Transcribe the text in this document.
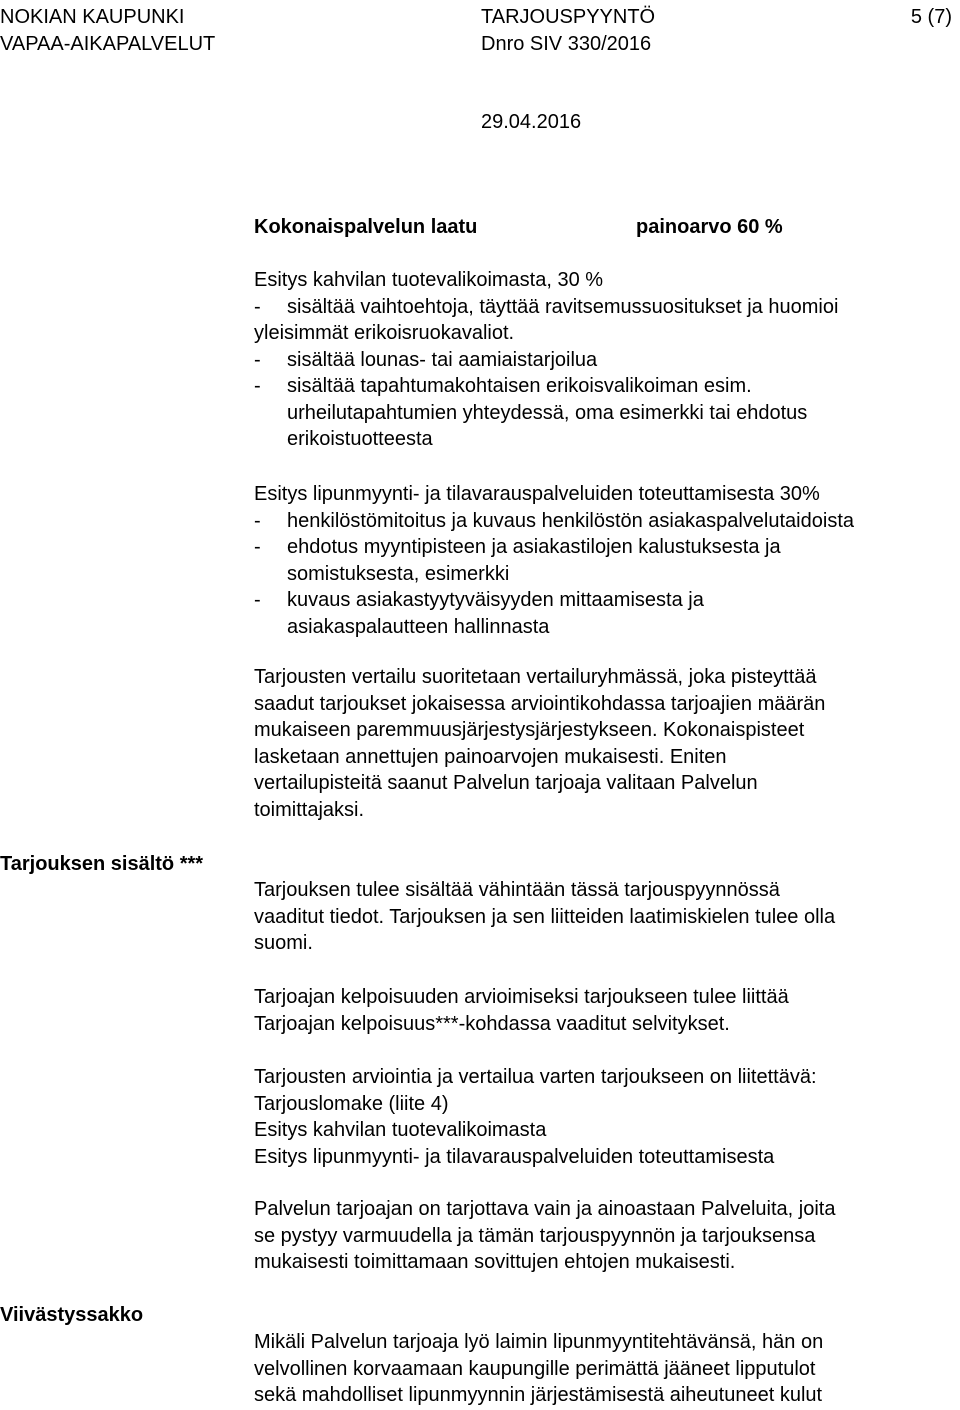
NOKIAN KAUPUNKI
VAPAA-AIKAPALVELUT
TARJOUSPYYNTÖ
Dnro SIV 330/2016
5 (7)
29.04.2016
Kokonaispalvelun laatu	painoarvo 60 %
Esitys kahvilan tuotevalikoimasta, 30 %
- sisältää vaihtoehtoja, täyttää ravitsemussuositukset ja huomioi
yleisimmät erikoisruokavaliot.
- sisältää lounas- tai aamiaistarjoilua
- sisältää tapahtumakohtaisen erikoisvalikoiman esim.
urheilutapahtumien yhteydessä, oma esimerkki tai ehdotus
erikoistuotteesta
Esitys lipunmyynti- ja tilavarauspalveluiden toteuttamisesta 30%
- henkilöstömitoitus ja kuvaus henkilöstön asiakaspalvelutaidoista
- ehdotus myyntipisteen ja asiakastilojen kalustuksesta ja
somistuksesta, esimerkki
- kuvaus asiakastyytyväisyyden mittaamisesta ja
asiakaspalautteen hallinnasta
Tarjousten vertailu suoritetaan vertailuryhmässä, joka pisteyttää
saadut tarjoukset jokaisessa arviointikohdassa tarjoajien määrän
mukaiseen paremmuusjärjestysjärjestykseen. Kokonaispisteet
lasketaan annettujen painoarvojen mukaisesti. Eniten
vertailupisteitä saanut Palvelun tarjoaja valitaan Palvelun
toimittajaksi.
Tarjouksen sisältö ***
Tarjouksen tulee sisältää vähintään tässä tarjouspyynnössä
vaaditut tiedot. Tarjouksen ja sen liitteiden laatimiskielen tulee olla
suomi.
Tarjoajan kelpoisuuden arvioimiseksi tarjoukseen tulee liittää
Tarjoajan kelpoisuus***-kohdassa vaaditut selvitykset.
Tarjousten arviointia ja vertailua varten tarjoukseen on liitettävä:
Tarjouslomake (liite 4)
Esitys kahvilan tuotevalikoimasta
Esitys lipunmyynti- ja tilavarauspalveluiden toteuttamisesta
Palvelun tarjoajan on tarjottava vain ja ainoastaan Palveluita, joita
se pystyy varmuudella ja tämän tarjouspyynnön ja tarjouksensa
mukaisesti toimittamaan sovittujen ehtojen mukaisesti.
Viivästyssakko
Mikäli Palvelun tarjoaja lyö laimin lipunmyyntitehtävänsä, hän on
velvollinen korvaamaan kaupungille perimättä jääneet lipputulot
sekä mahdolliset lipunmyynnin järjestämisestä aiheutuneet kulut
